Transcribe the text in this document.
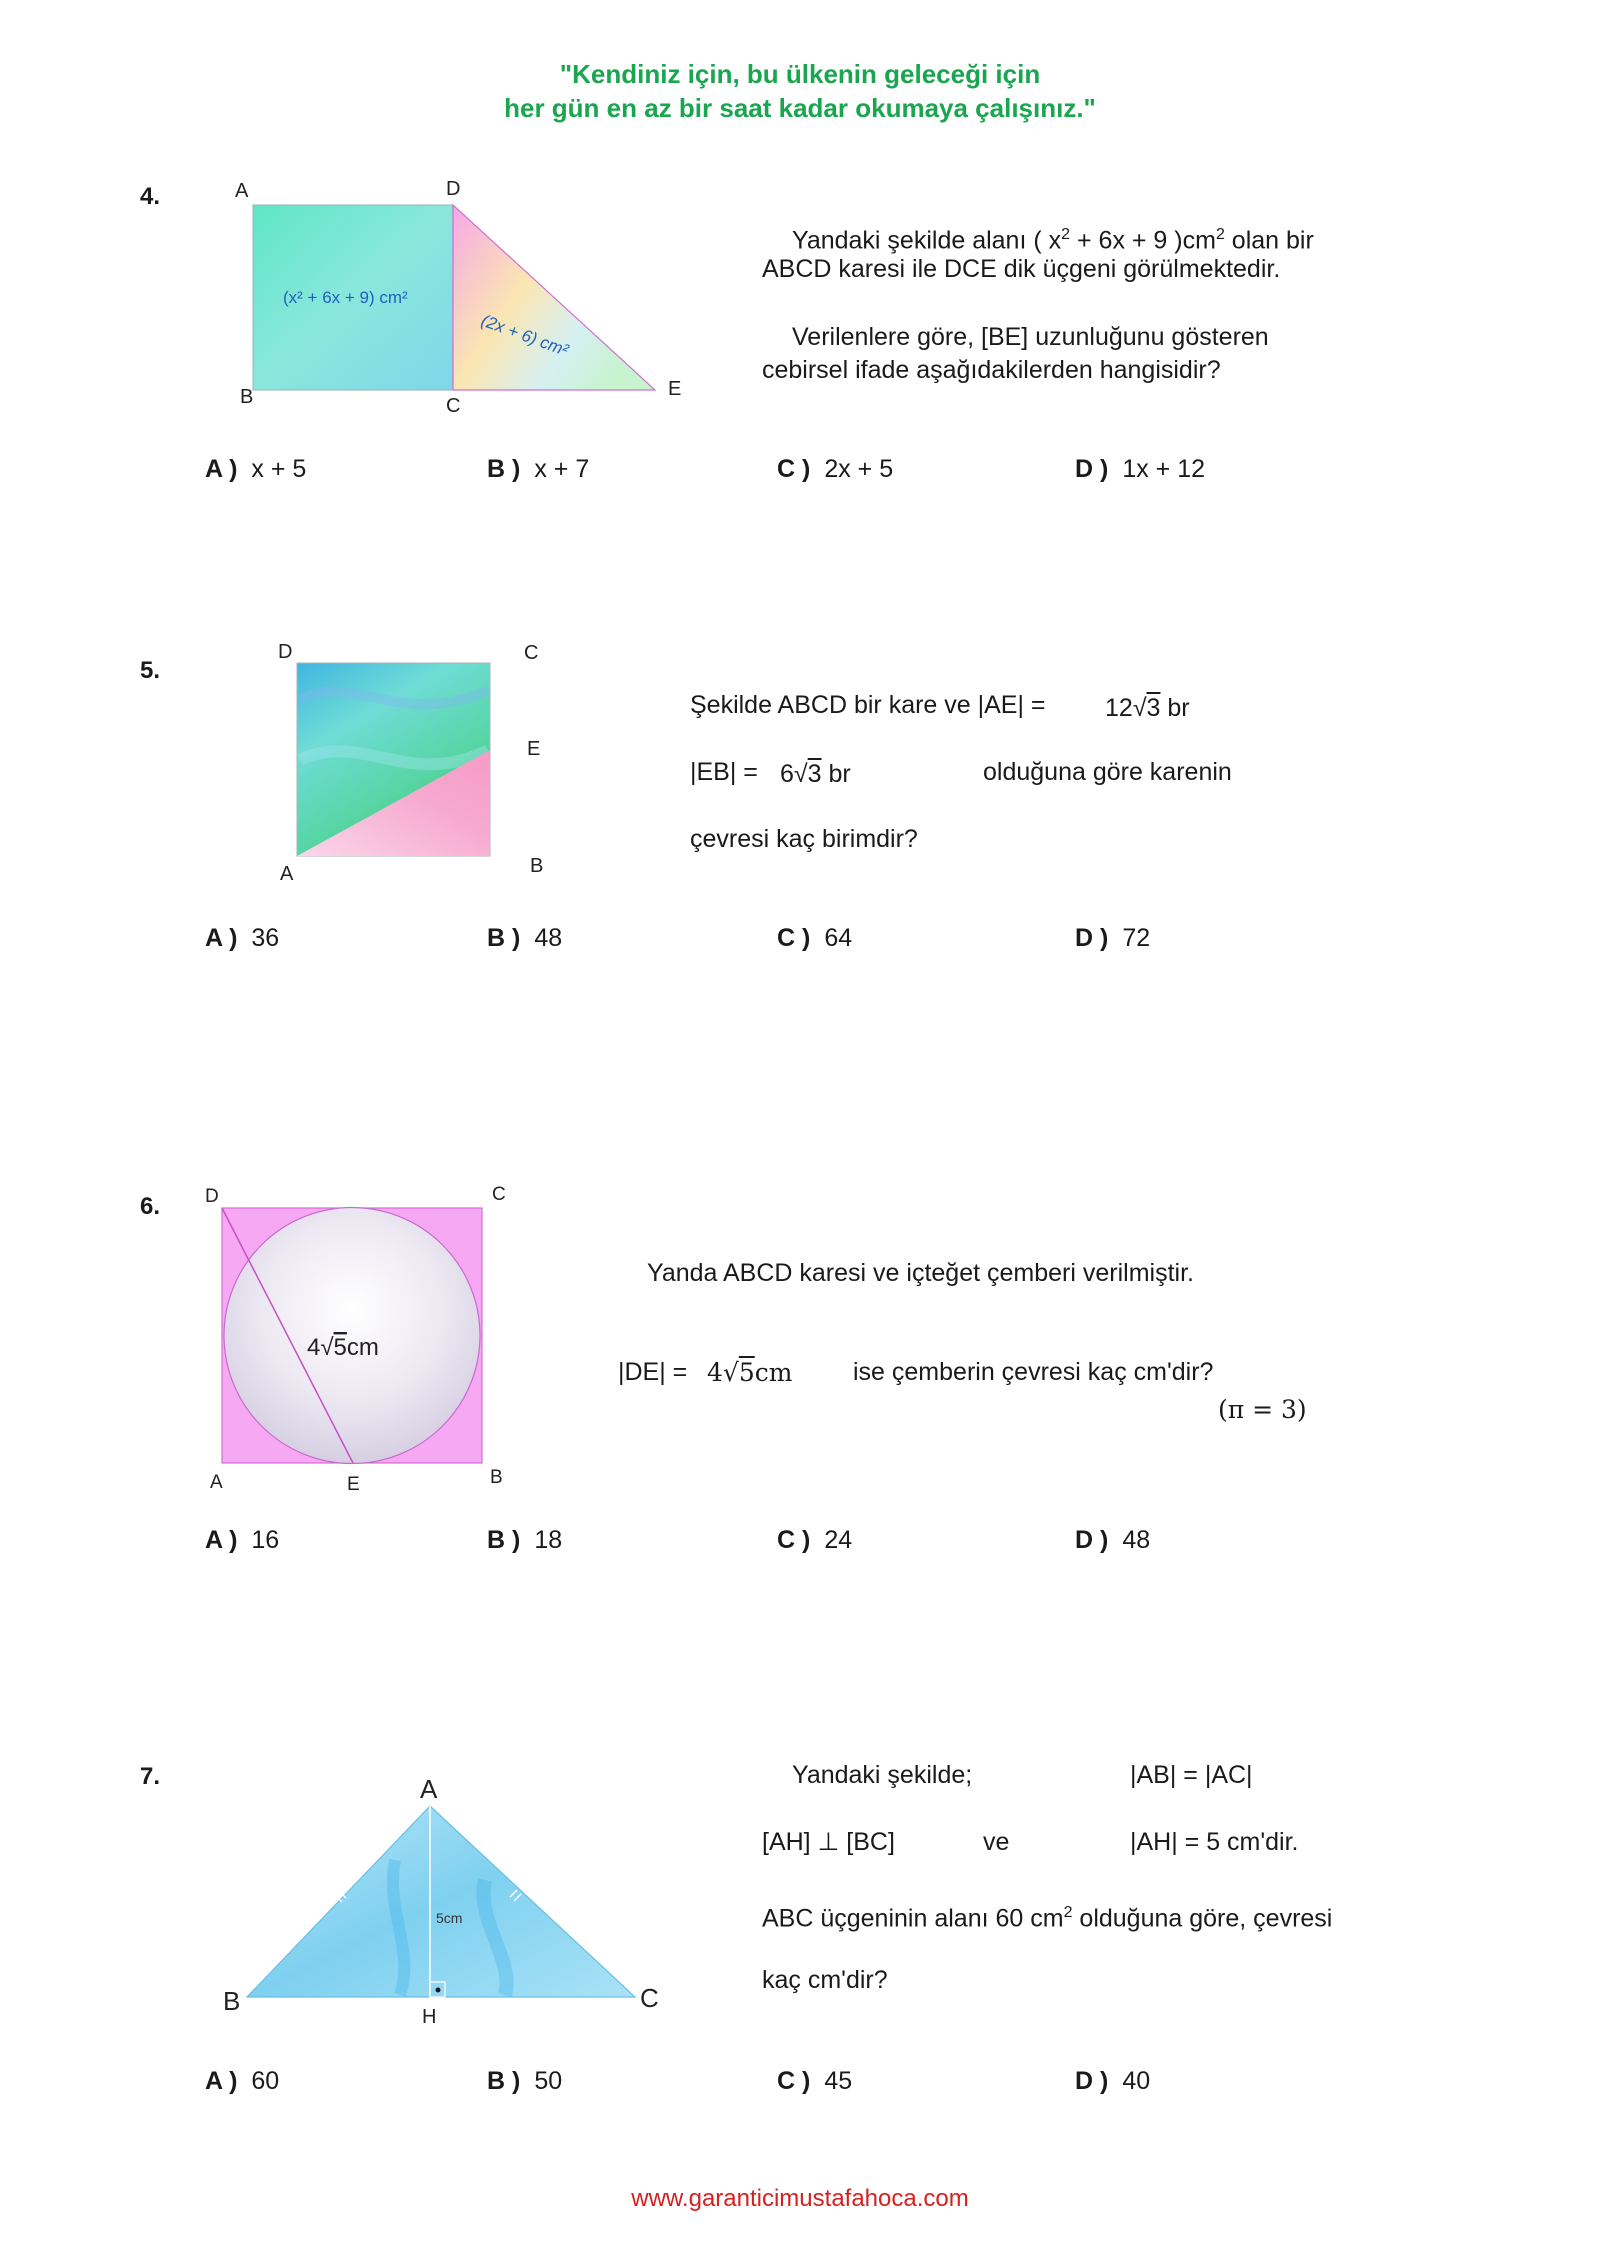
"Kendiniz için, bu ülkenin geleceği için
her gün en az bir saat kadar okumaya çalışınız."
4.	A	D
B	C
E
(x² + 6x + 9) cm²
(2x + 6) cm²
Yandaki şekilde alanı ( $x^2 + 6x + 9$ )$cm^2$ olan bir
ABCD karesi ile DCE dik üçgeni görülmektedir.
Verilenlere göre, [BE] uzunluğunu gösteren
cebirsel ifade aşağıdakilerden hangisidir?
A ) x + 5	B ) x + 7	C ) 2x + 5	D ) 1x + 12
5.
D	C
E
A	B
Şekilde ABCD bir kare ve |AE| = 12√3 br
|EB| = 6√3 br	olduğuna göre karenin
çevresi kaç birimdir?
A ) 36	B ) 48	C ) 64	D ) 72
6. D	C
A	E	B
4√5cm
Yanda ABCD karesi ve içteğet çemberi verilmiştir.
|DE| = 4√5cm ise çemberin çevresi kaç cm'dir?
(π = 3)
A ) 16	B ) 18	C ) 24	D ) 48
7.	A
B	C
H
5cm
Yandaki şekilde;	|AB| = |AC|
[AH] ⊥ [BC]	ve	|AH| = 5 cm'dir.
ABC üçgeninin alanı 60 $cm^2$ olduğuna göre, çevresi
kaç cm'dir?
A ) 60	B ) 50	C ) 45	D ) 40
www.garanticimustafahoca.com
